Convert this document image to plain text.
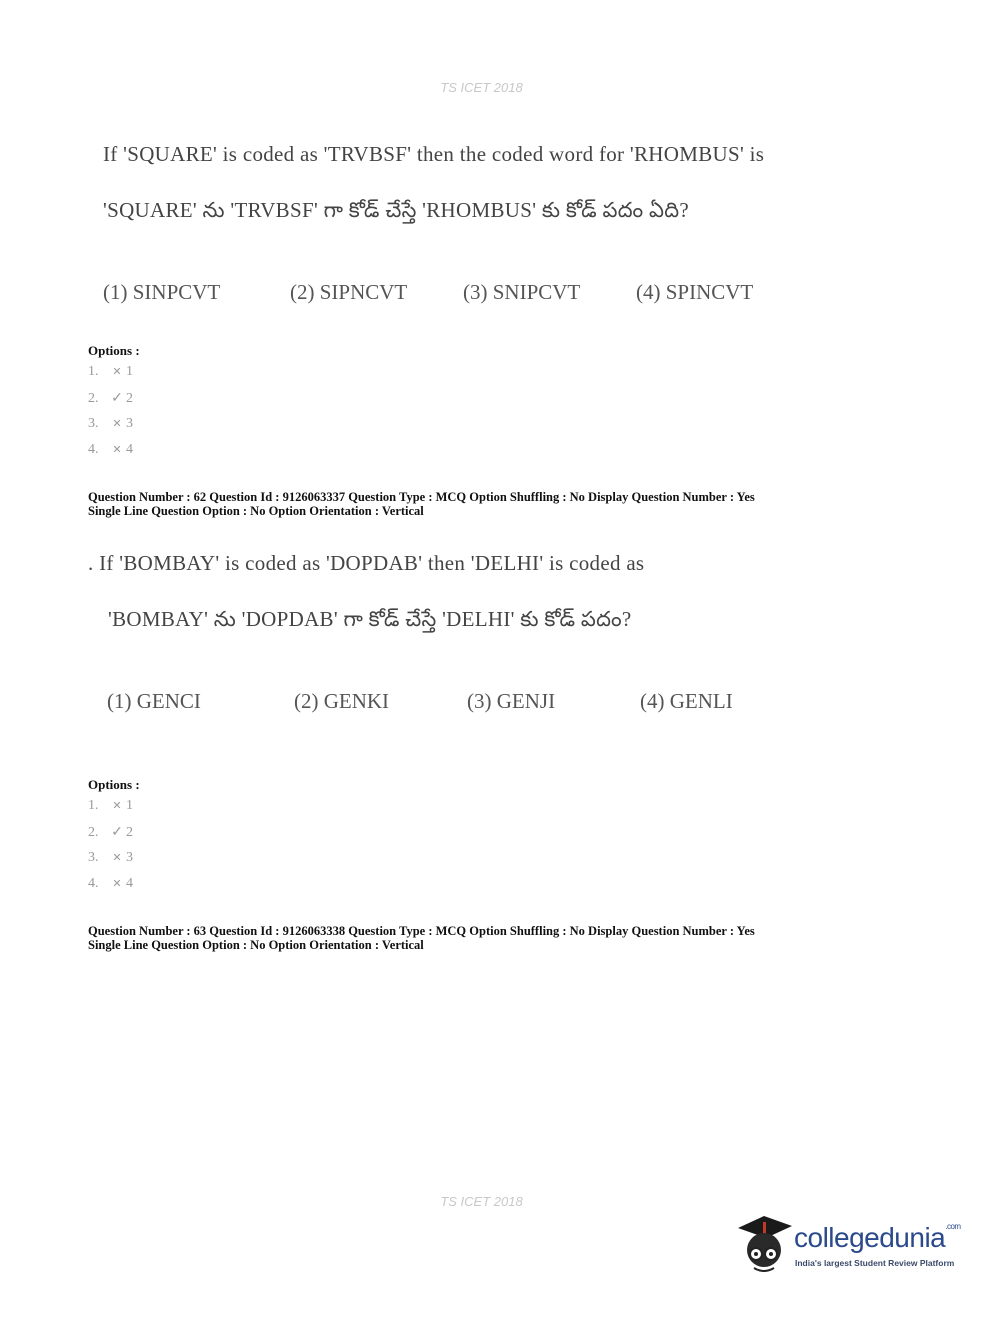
TS ICET 2018
If 'SQUARE' is coded as 'TRVBSF' then the coded word for 'RHOMBUS' is
'SQUARE' ను 'TRVBSF' గా కోడ్ చేస్తే 'RHOMBUS' కు కోడ్ పదం ఏది?
(1) SINPCVT	(2) SIPNCVT	(3) SNIPCVT	(4) SPINCVT
Options :
1. ✕ 1
2. ✓ 2
3. ✕ 3
4. ✕ 4
Question Number : 62 Question Id : 9126063337 Question Type : MCQ Option Shuffling : No Display Question Number : Yes
Single Line Question Option : No Option Orientation : Vertical
. If 'BOMBAY' is coded as 'DOPDAB' then 'DELHI' is coded as
'BOMBAY' ను 'DOPDAB' గా కోడ్ చేస్తే 'DELHI' కు కోడ్ పదం?
(1) GENCI	(2) GENKI	(3) GENJI	(4) GENLI
Options :
1. ✕ 1
2. ✓ 2
3. ✕ 3
4. ✕ 4
Question Number : 63 Question Id : 9126063338 Question Type : MCQ Option Shuffling : No Display Question Number : Yes
Single Line Question Option : No Option Orientation : Vertical
TS ICET 2018
collegedunia$^{.com}$
India's largest Student Review Platform
